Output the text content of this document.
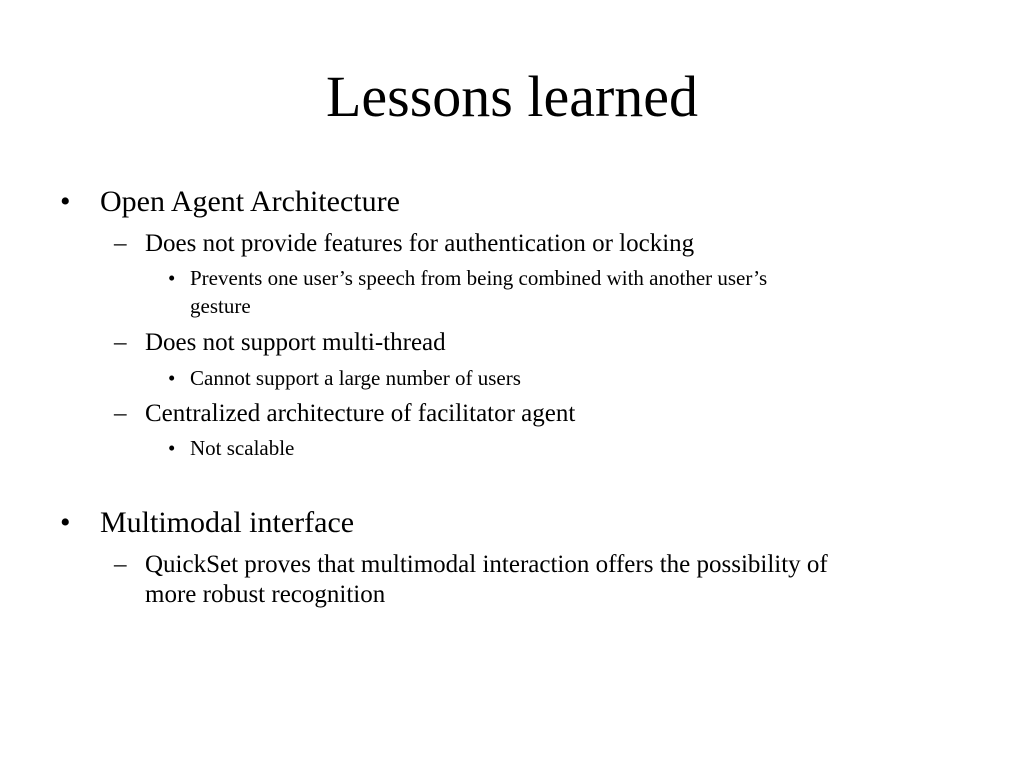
Lessons learned
• Open Agent Architecture
– Does not provide features for authentication or locking
• Prevents one user’s speech from being combined with another user’s
gesture
– Does not support multi-thread
• Cannot support a large number of users
– Centralized architecture of facilitator agent
• Not scalable
• Multimodal interface
– QuickSet proves that multimodal interaction offers the possibility of
more robust recognition
